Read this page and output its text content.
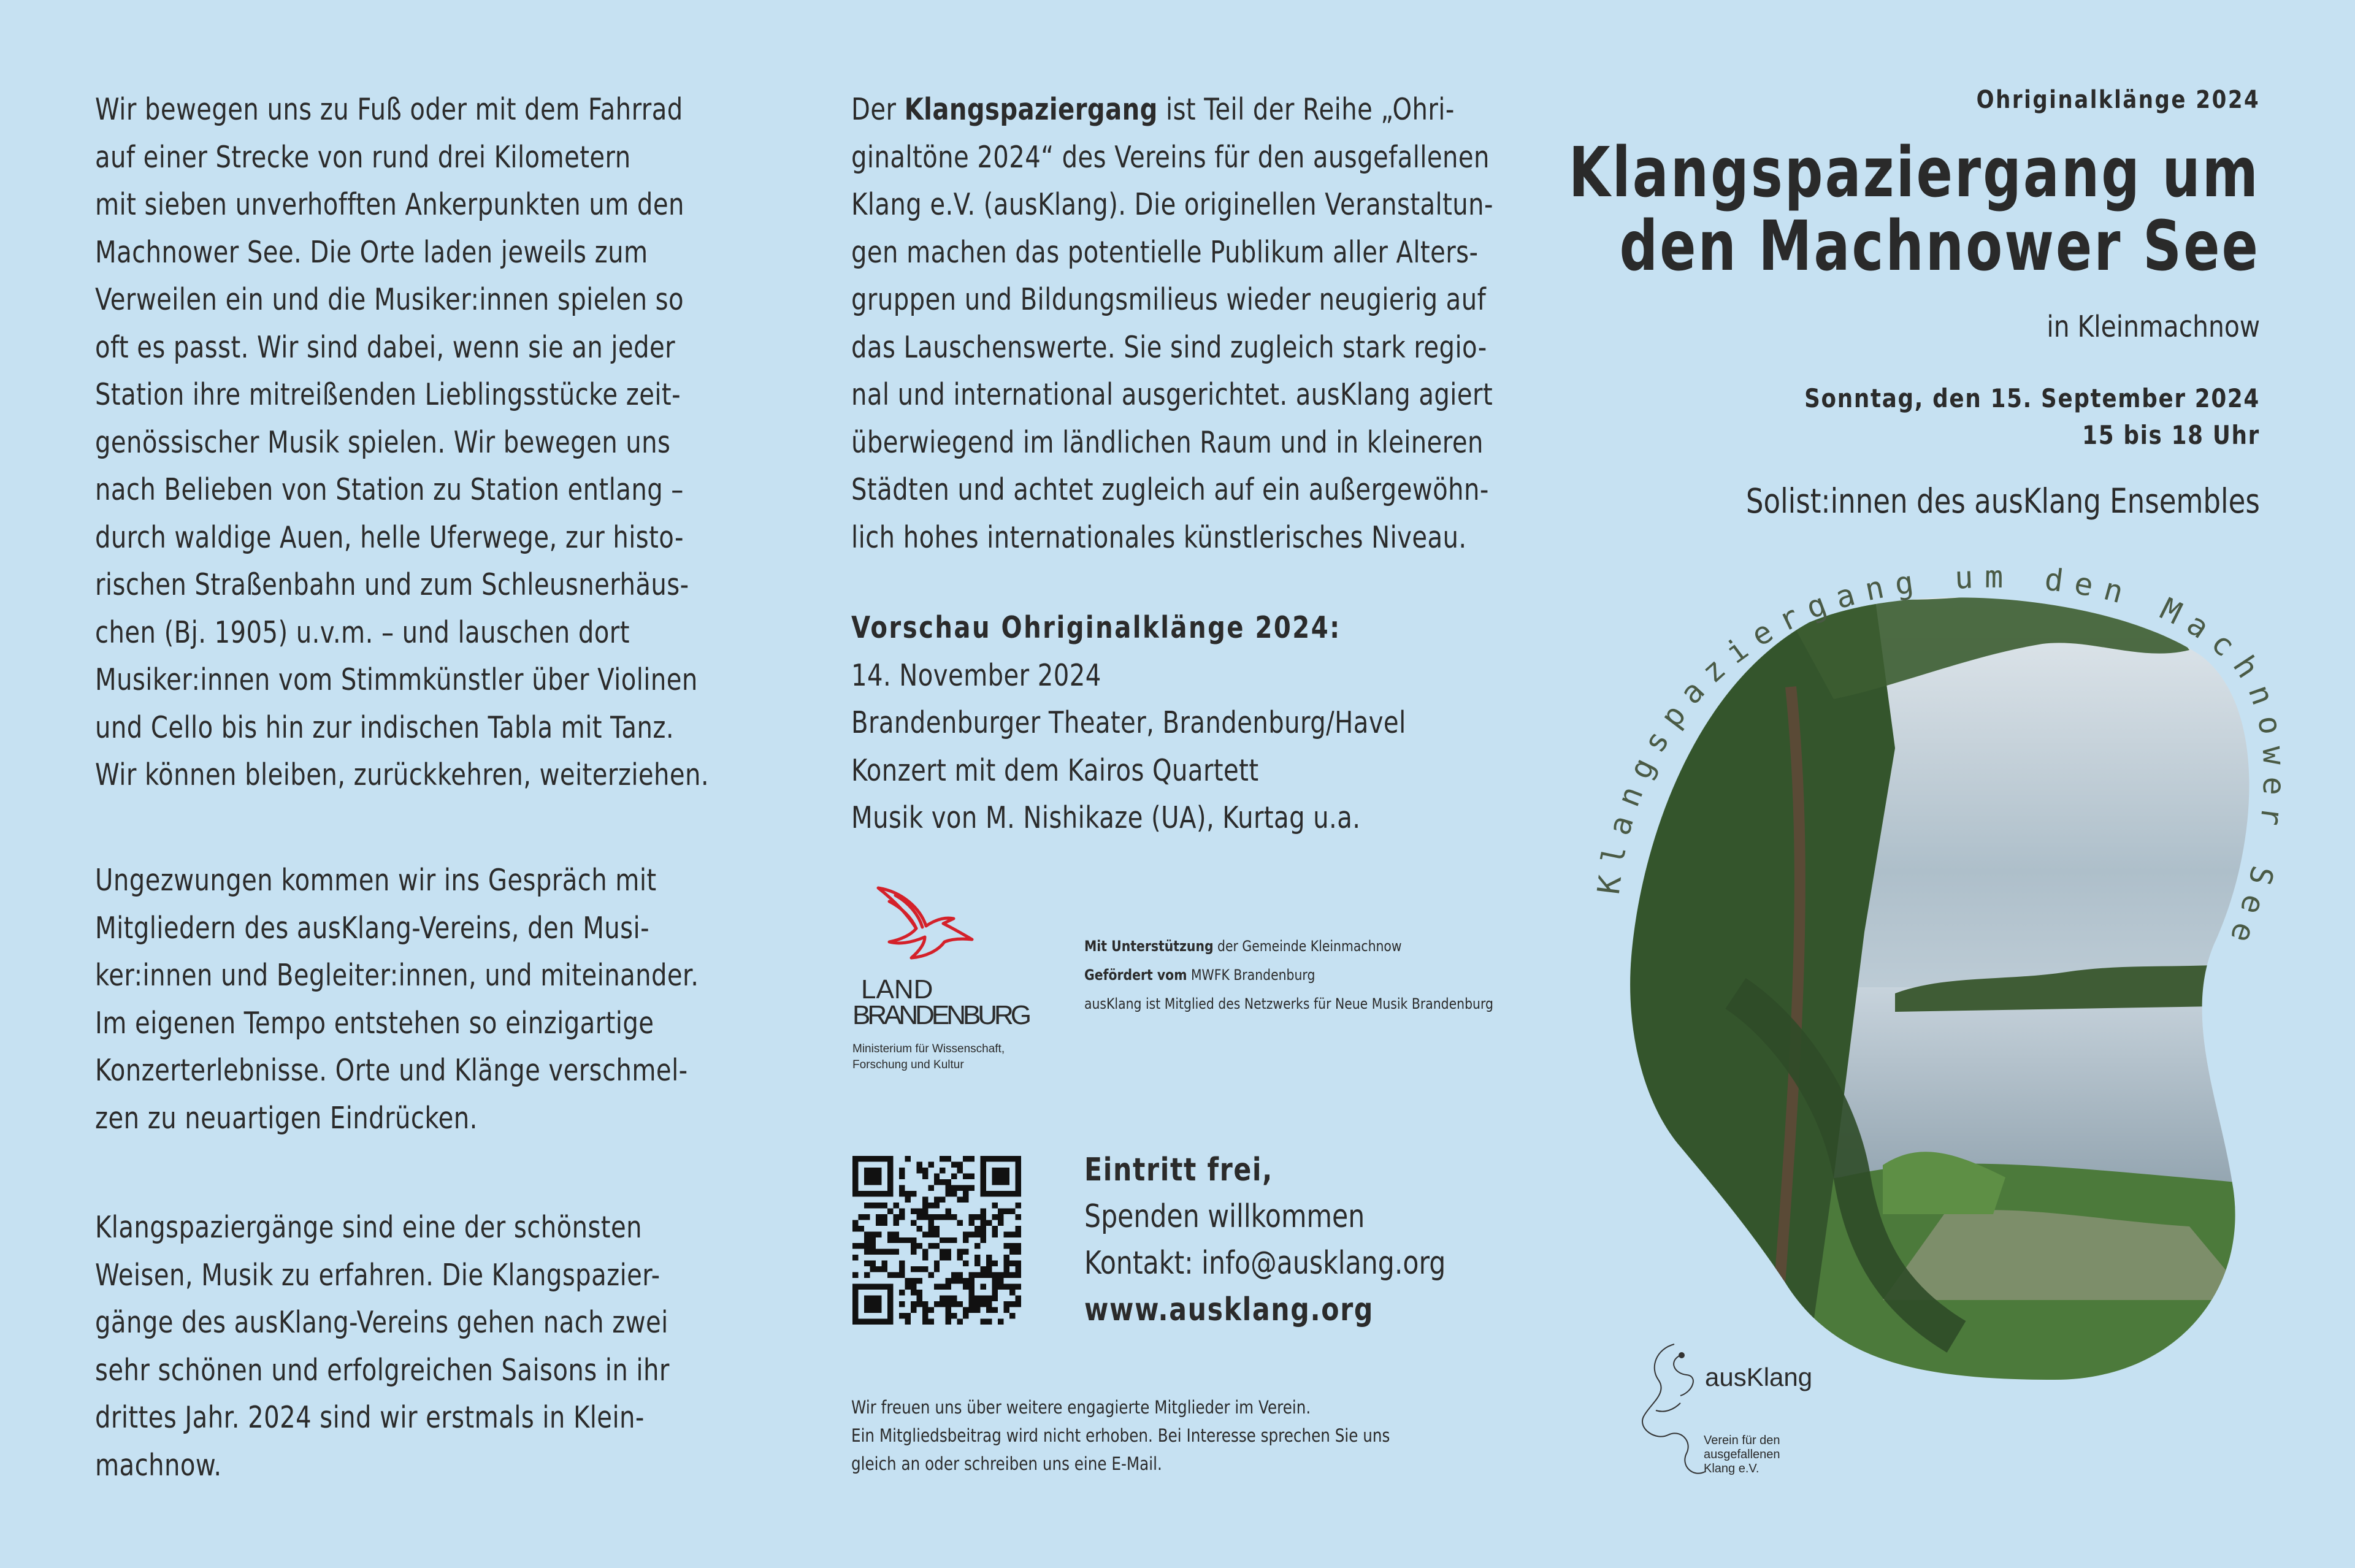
Wir bewegen uns zu Fuß oder mit dem Fahrrad
auf einer Strecke von rund drei Kilometern
mit sieben unverhofften Ankerpunkten um den
Machnower See. Die Orte laden jeweils zum
Verweilen ein und die Musiker:innen spielen so
oft es passt. Wir sind dabei, wenn sie an jeder
Station ihre mitreißenden Lieblingsstücke zeit-
genössischer Musik spielen. Wir bewegen uns
nach Belieben von Station zu Station entlang –
durch waldige Auen, helle Uferwege, zur histo-
rischen Straßenbahn und zum Schleusnerhäus-
chen (Bj. 1905) u.v.m. – und lauschen dort
Musiker:innen vom Stimmkünstler über Violinen
und Cello bis hin zur indischen Tabla mit Tanz.
Wir können bleiben, zurückkehren, weiterziehen.
Ungezwungen kommen wir ins Gespräch mit
Mitgliedern des ausKlang-Vereins, den Musi-
ker:innen und Begleiter:innen, und miteinander.
Im eigenen Tempo entstehen so einzigartige
Konzerterlebnisse. Orte und Klänge verschmel-
zen zu neuartigen Eindrücken.
Klangspaziergänge sind eine der schönsten
Weisen, Musik zu erfahren. Die Klangspazier-
gänge des ausKlang-Vereins gehen nach zwei
sehr schönen und erfolgreichen Saisons in ihr
drittes Jahr. 2024 sind wir erstmals in Klein-
machnow.
Der Klangspaziergang ist Teil der Reihe „Ohri-
ginaltöne 2024“ des Vereins für den ausgefallenen
Klang e.V. (ausKlang). Die originellen Veranstaltun-
gen machen das potentielle Publikum aller Alters-
gruppen und Bildungsmilieus wieder neugierig auf
das Lauschenswerte. Sie sind zugleich stark regio-
nal und international ausgerichtet. ausKlang agiert
überwiegend im ländlichen Raum und in kleineren
Städten und achtet zugleich auf ein außergewöhn-
lich hohes internationales künstlerisches Niveau.
Vorschau Ohriginalklänge 2024:
14. November 2024
Brandenburger Theater, Brandenburg/Havel
Konzert mit dem Kairos Quartett
Musik von M. Nishikaze (UA), Kurtag u.a.
LAND
BRANDENBURG
Ministerium für Wissenschaft,
Forschung und Kultur
Mit Unterstützung der Gemeinde Kleinmachnow
Gefördert vom MWFK Brandenburg
ausKlang ist Mitglied des Netzwerks für Neue Musik Brandenburg
Eintritt frei,
Spenden willkommen
Kontakt: info@ausklang.org
www.ausklang.org
Wir freuen uns über weitere engagierte Mitglieder im Verein.
Ein Mitgliedsbeitrag wird nicht erhoben. Bei Interesse sprechen Sie uns
gleich an oder schreiben uns eine E-Mail.
Ohriginalklänge 2024
Klangspaziergang um
den Machnower See
in Kleinmachnow
Sonntag, den 15. September 2024
15 bis 18 Uhr
Solist:innen des ausKlang Ensembles
Klangspaziergang um den Machno r See
ausKlang
Verein für den
ausgefallenen
Klang e.V.
